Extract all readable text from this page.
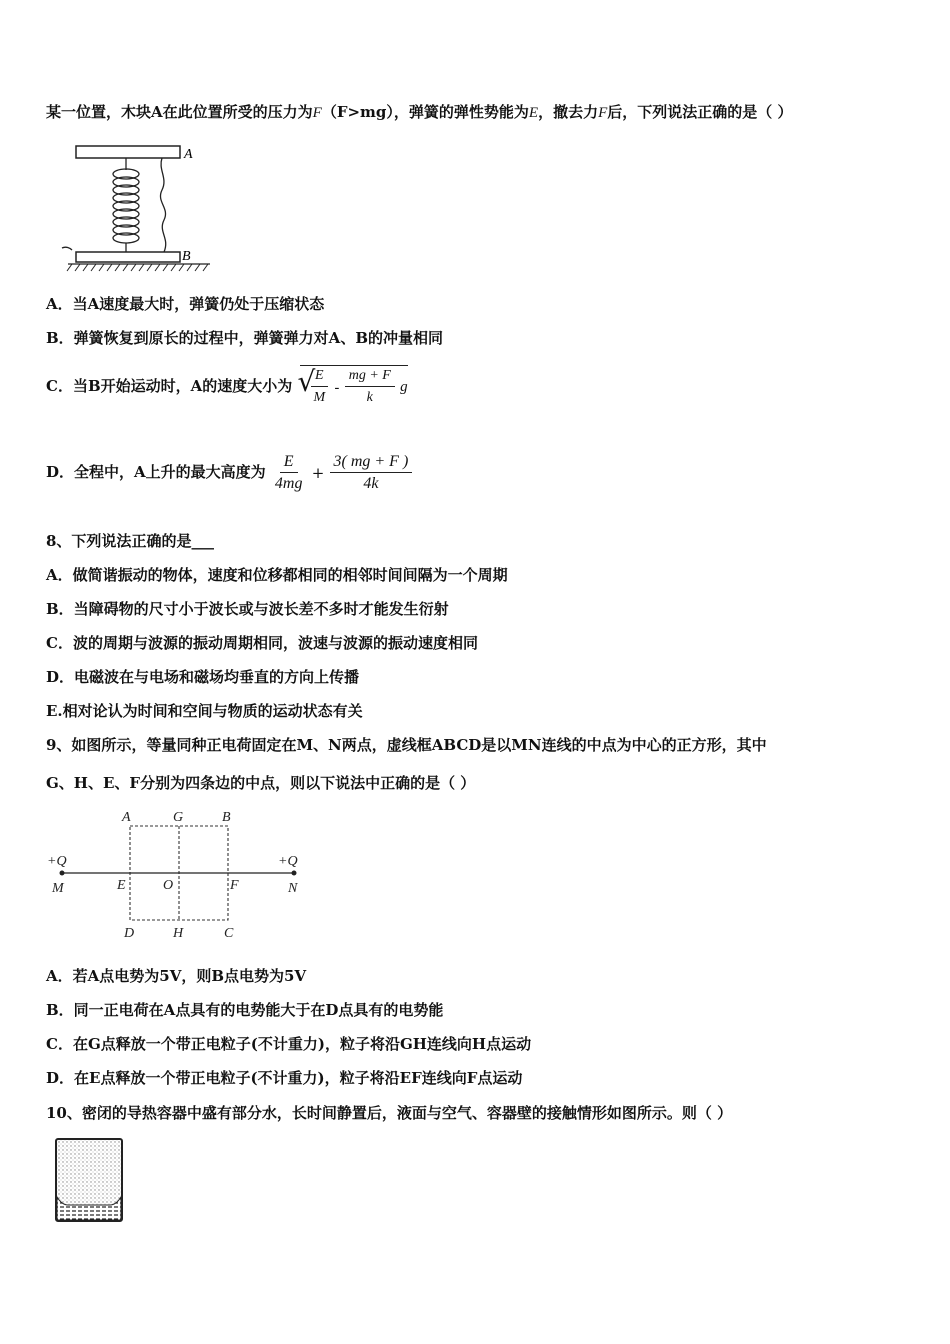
某一位置，木块A在此位置所受的压力为F（F>mg），弹簧的弹性势能为E，撤去力F后，下列说法正确的是（ ）
A
B
A．当A速度最大时，弹簧仍处于压缩状态
B．弹簧恢复到原长的过程中，弹簧弹力对A、B的冲量相同
C．当B开始运动时，A的速度大小为 √
$\frac{E}{M} - \frac{mg + F}{k}$ g
D．全程中，A上升的最大高度为 $\frac{E}{4mg} + \frac{3( mg + F )}{4k}$
8、下列说法正确的是___
A．做简谐振动的物体，速度和位移都相同的相邻时间间隔为一个周期
B．当障碍物的尺寸小于波长或与波长差不多时才能发生衍射
C．波的周期与波源的振动周期相同，波速与波源的振动速度相同
D．电磁波在与电场和磁场均垂直的方向上传播
E.相对论认为时间和空间与物质的运动状态有关
9、如图所示，等量同种正电荷固定在M、N两点，虚线框ABCD是以MN连线的中点为中心的正方形，其中
G、H、E、F分别为四条边的中点，则以下说法中正确的是（ ）
A	G	B
+Q	+Q
M	E	O	F	N
D	H	C
A．若A点电势为5V，则B点电势为5V
B．同一正电荷在A点具有的电势能大于在D点具有的电势能
C．在G点释放一个带正电粒子(不计重力)，粒子将沿GH连线向H点运动
D．在E点释放一个带正电粒子(不计重力)，粒子将沿EF连线向F点运动
10、密闭的导热容器中盛有部分水，长时间静置后，液面与空气、容器壁的接触情形如图所示。则（ ）
